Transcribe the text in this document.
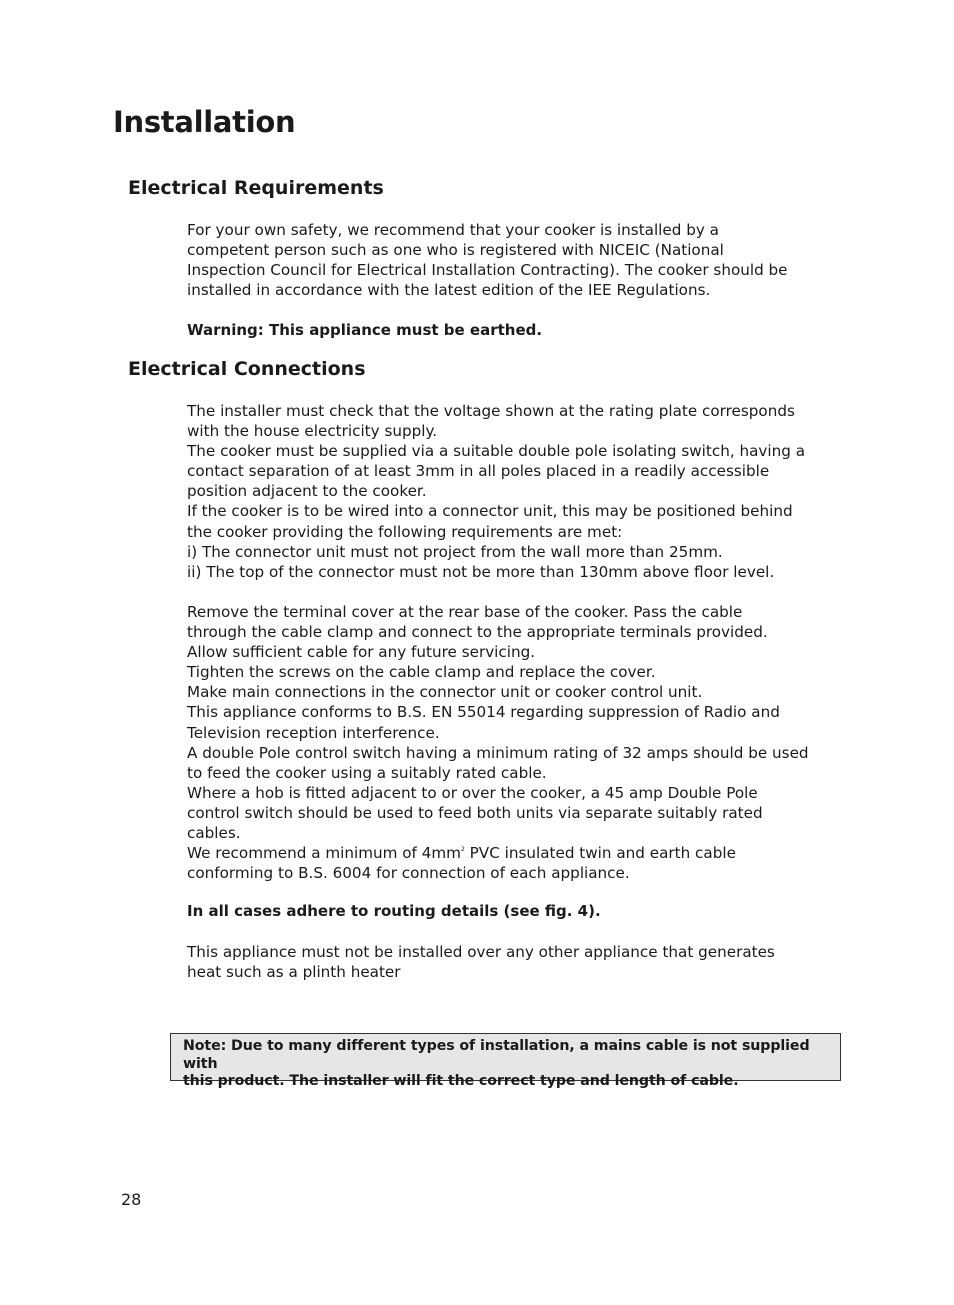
Installation
Electrical Requirements

For your own safety, we recommend that your cooker is installed by a

competent person such as one who is registered with NICEIC (National

Inspection Council for Electrical Installation Contracting). The cooker should be

installed in accordance with the latest edition of the IEE Regulations.

Warning: This appliance must be earthed.

Electrical Connections

The installer must check that the voltage shown at the rating plate corresponds

with the house electricity supply.

The cooker must be supplied via a suitable double pole isolating switch, having a

contact separation of at least 3mm in all poles placed in a readily accessible

position adjacent to the cooker.

If the cooker is to be wired into a connector unit, this may be positioned behind

the cooker providing the following requirements are met:

i) The connector unit must not project from the wall more than 25mm.

ii) The top of the connector must not be more than 130mm above floor level.

Remove the terminal cover at the rear base of the cooker. Pass the cable

through the cable clamp and connect to the appropriate terminals provided.

Allow sufficient cable for any future servicing.

Tighten the screws on the cable clamp and replace the cover.

Make main connections in the connector unit or cooker control unit.

This appliance conforms to B.S. EN 55014 regarding suppression of Radio and

Television reception interference.

A double Pole control switch having a minimum rating of 32 amps should be used

to feed the cooker using a suitably rated cable.

Where a hob is fitted adjacent to or over the cooker, a 45 amp Double Pole

control switch should be used to feed both units via separate suitably rated

cables.

We recommend a minimum of $4mm^2$ PVC insulated twin and earth cable

conforming to B.S. 6004 for connection of each appliance.

In all cases adhere to routing details (see fig. 4).

This appliance must not be installed over any other appliance that generates

heat such as a plinth heater

Note: Due to many different types of installation, a mains cable is not supplied with
this product. The installer will fit the correct type and length of cable.
28
